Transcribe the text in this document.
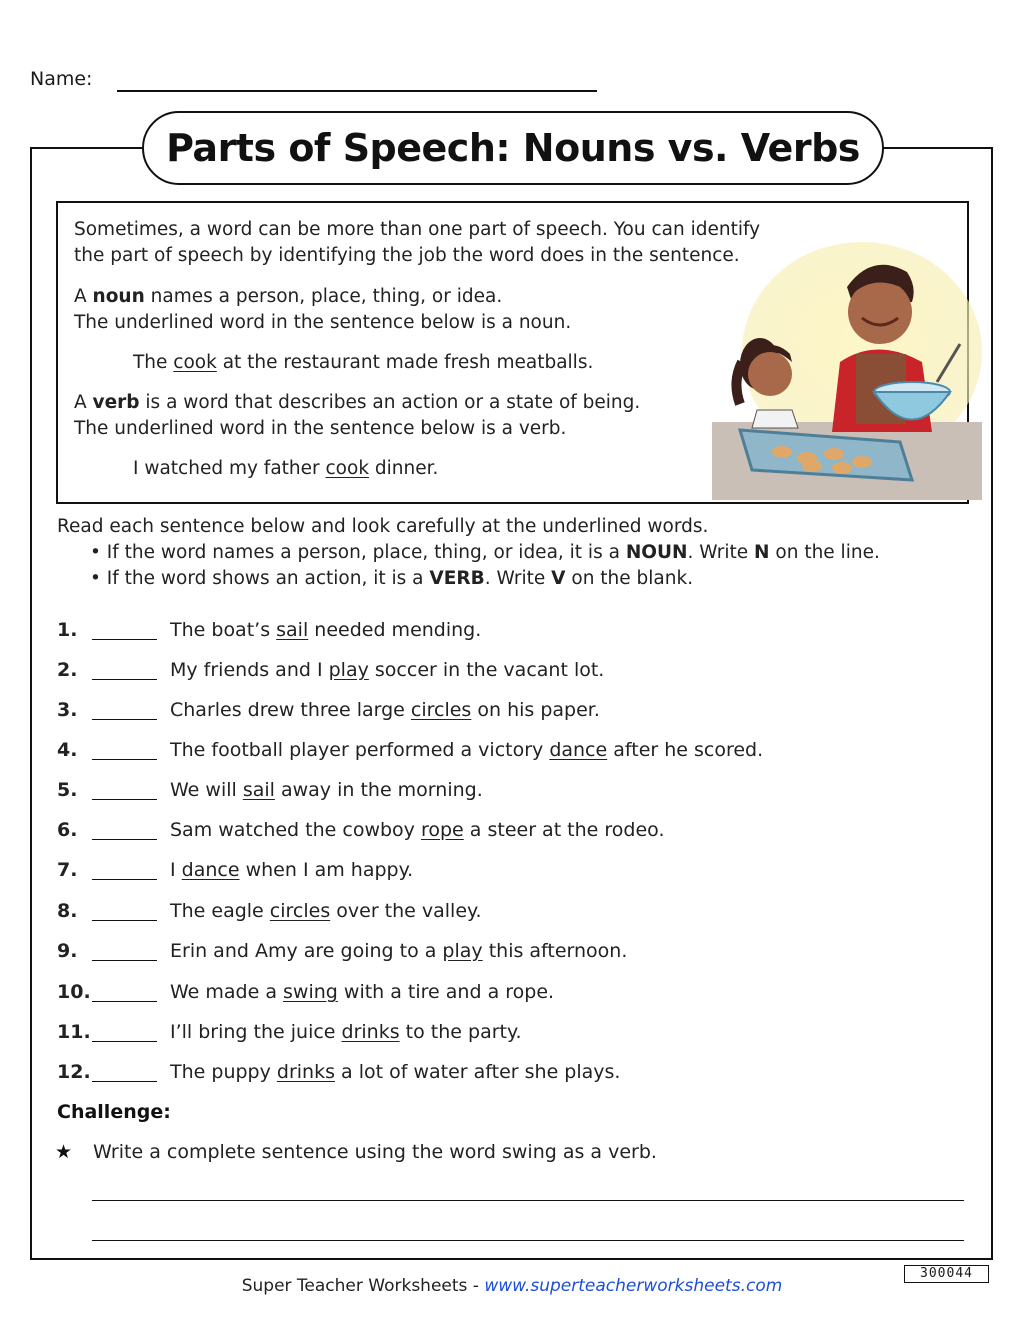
Name:
Parts of Speech: Nouns vs. Verbs
Sometimes, a word can be more than one part of speech. You can identify
the part of speech by identifying the job the word does in the sentence.
A noun names a person, place, thing, or idea.
The underlined word in the sentence below is a noun.
The cook at the restaurant made fresh meatballs.
A verb is a word that describes an action or a state of being.
The underlined word in the sentence below is a verb.
I watched my father cook dinner.
Read each sentence below and look carefully at the underlined words.
• If the word names a person, place, thing, or idea, it is a NOUN. Write N on the line.
• If the word shows an action, it is a VERB. Write V on the blank.
1.	The boat’s sail needed mending.
2.	My friends and I play soccer in the vacant lot.
3.	Charles drew three large circles on his paper.
4.	The football player performed a victory dance after he scored.
5.	We will sail away in the morning.
6.	Sam watched the cowboy rope a steer at the rodeo.
7.	I dance when I am happy.
8.	The eagle circles over the valley.
9.	Erin and Amy are going to a play this afternoon.
10.	We made a swing with a tire and a rope.
11.	I’ll bring the juice drinks to the party.
12.	The puppy drinks a lot of water after she plays.
Challenge:
★ Write a complete sentence using the word swing as a verb.
300044
Super Teacher Worksheets - www.superteacherworksheets.com
